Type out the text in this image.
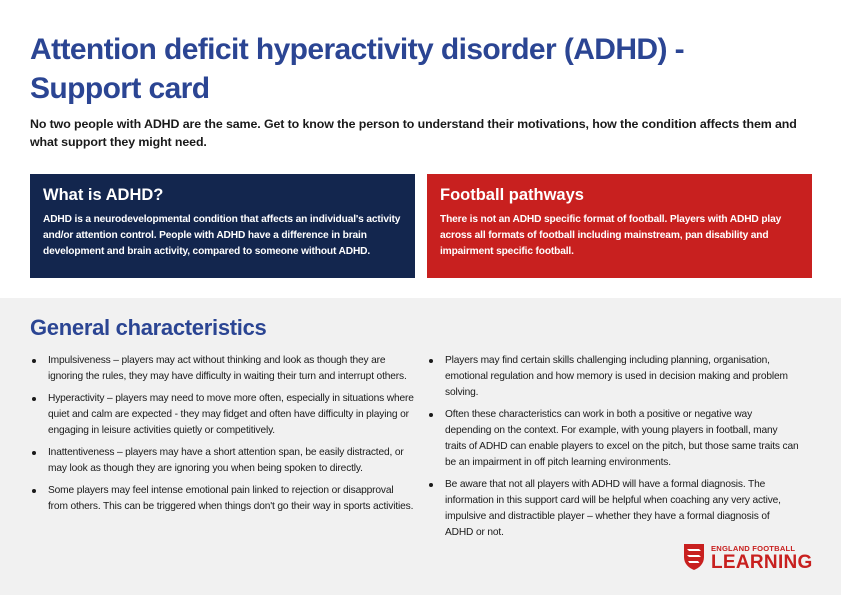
Attention deficit hyperactivity disorder (ADHD) -
Support card
No two people with ADHD are the same. Get to know the person to understand their motivations, how the condition affects them and what support they might need.
What is ADHD?

ADHD is a neurodevelopmental condition that affects an individual's activity and/or attention control. People with ADHD have a difference in brain development and brain activity, compared to someone without ADHD.

Football pathways

There is not an ADHD specific format of football. Players with ADHD play across all formats of football including mainstream, pan disability and impairment specific football.

General characteristics
Impulsiveness – players may act without thinking and look as though they are ignoring the rules, they may have difficulty in waiting their turn and interrupt others.
Hyperactivity – players may need to move more often, especially in situations where quiet and calm are expected - they may fidget and often have difficulty in playing or engaging in leisure activities quietly or competitively.
Inattentiveness – players may have a short attention span, be easily distracted, or may look as though they are ignoring you when being spoken to directly.
Some players may feel intense emotional pain linked to rejection or disapproval from others. This can be triggered when things don't go their way in sports activities.
Players may find certain skills challenging including planning, organisation, emotional regulation and how memory is used in decision making and problem solving.
Often these characteristics can work in both a positive or negative way depending on the context. For example, with young players in football, many traits of ADHD can enable players to excel on the pitch, but those same traits can be an impairment in off pitch learning environments.
Be aware that not all players with ADHD will have a formal diagnosis. The information in this support card will be helpful when coaching any very active, impulsive and distractible player – whether they have a formal diagnosis of ADHD or not.
ENGLAND FOOTBALL
LEARNING
